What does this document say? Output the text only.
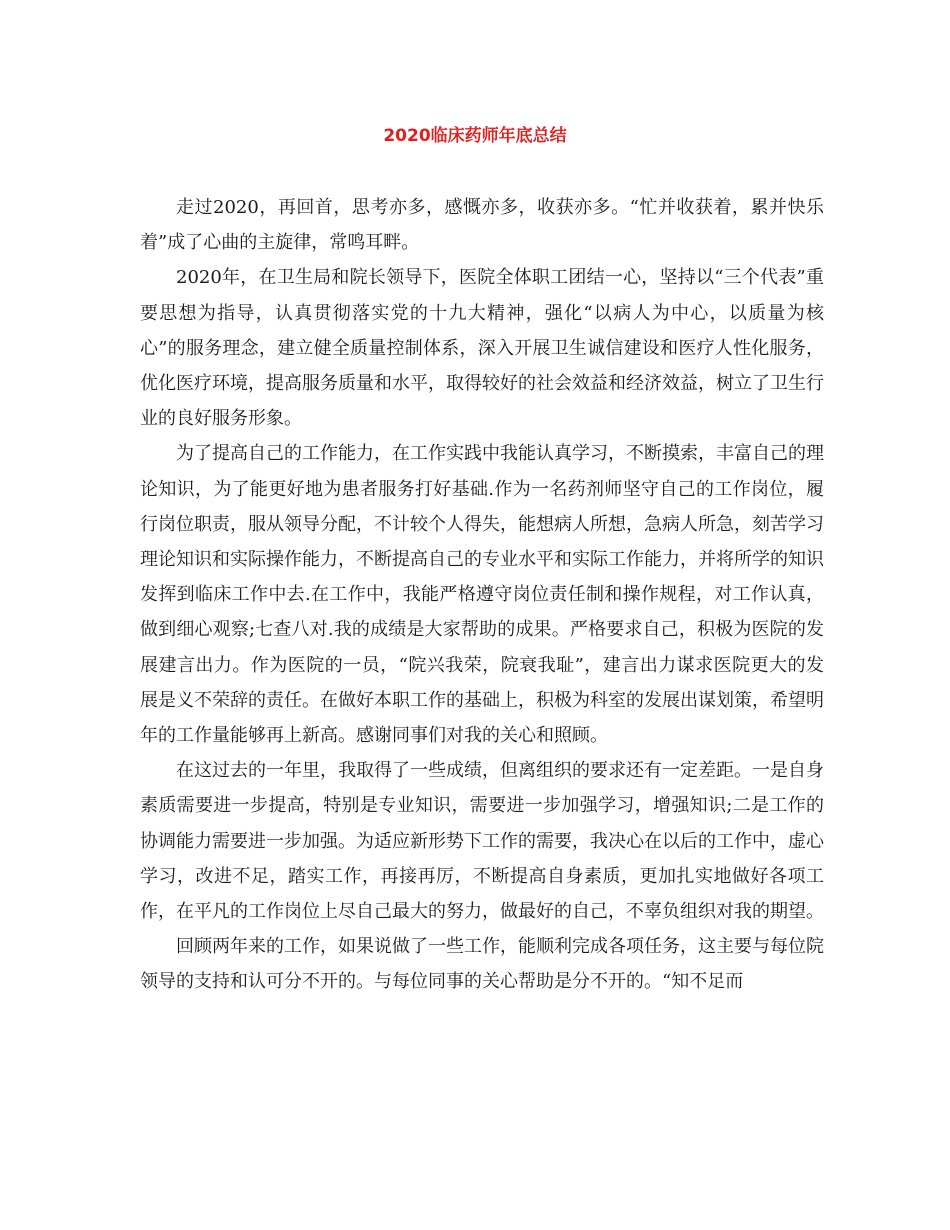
2020临床药师年底总结

走过2020，再回首，思考亦多，感慨亦多，收获亦多。“忙并收获着，累并快乐着”成了心曲的主旋律，常鸣耳畔。

2020年，在卫生局和院长领导下，医院全体职工团结一心，坚持以“三个代表”重要思想为指导，认真贯彻落实党的十九大精神，强化“以病人为中心，以质量为核心”的服务理念，建立健全质量控制体系，深入开展卫生诚信建设和医疗人性化服务，优化医疗环境，提高服务质量和水平，取得较好的社会效益和经济效益，树立了卫生行业的良好服务形象。

为了提高自己的工作能力，在工作实践中我能认真学习，不断摸索，丰富自己的理论知识，为了能更好地为患者服务打好基础.作为一名药剂师坚守自己的工作岗位，履行岗位职责，服从领导分配，不计较个人得失，能想病人所想，急病人所急，刻苦学习理论知识和实际操作能力，不断提高自己的专业水平和实际工作能力，并将所学的知识发挥到临床工作中去.在工作中，我能严格遵守岗位责任制和操作规程，对工作认真，做到细心观察;七查八对.我的成绩是大家帮助的成果。严格要求自己，积极为医院的发展建言出力。作为医院的一员，“院兴我荣，院衰我耻”，建言出力谋求医院更大的发展是义不荣辞的责任。在做好本职工作的基础上，积极为科室的发展出谋划策，希望明年的工作量能够再上新高。感谢同事们对我的关心和照顾。

在这过去的一年里，我取得了一些成绩，但离组织的要求还有一定差距。一是自身素质需要进一步提高，特别是专业知识，需要进一步加强学习，增强知识;二是工作的协调能力需要进一步加强。为适应新形势下工作的需要，我决心在以后的工作中，虚心学习，改进不足，踏实工作，再接再厉，不断提高自身素质，更加扎实地做好各项工作，在平凡的工作岗位上尽自己最大的努力，做最好的自己，不辜负组织对我的期望。

回顾两年来的工作，如果说做了一些工作，能顺利完成各项任务，这主要与每位院领导的支持和认可分不开的。与每位同事的关心帮助是分不开的。“知不足而
